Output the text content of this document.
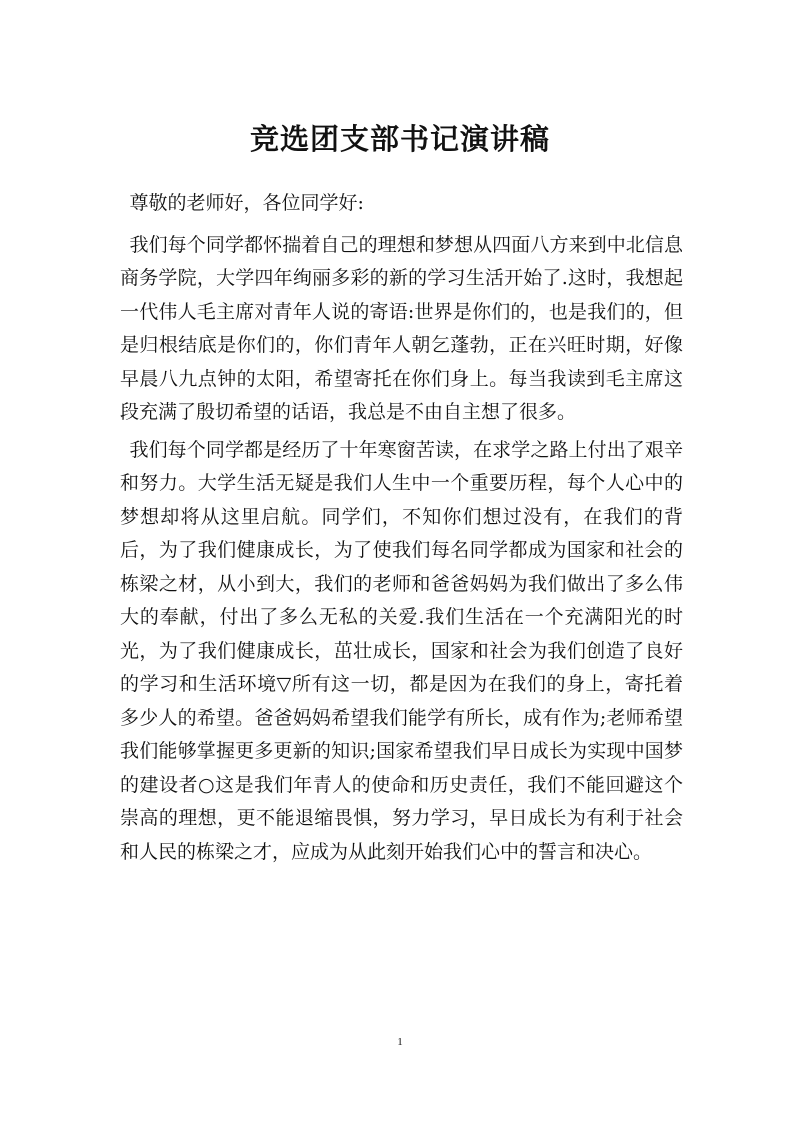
竞选团支部书记演讲稿

尊敬的老师好，各位同学好:

我们每个同学都怀揣着自己的理想和梦想从四面八方来到中北信息商务学院，大学四年绚丽多彩的新的学习生活开始了.这时，我想起一代伟人毛主席对青年人说的寄语:世界是你们的，也是我们的，但是归根结底是你们的，你们青年人朝乞蓬勃，正在兴旺时期，好像早晨八九点钟的太阳，希望寄托在你们身上。每当我读到毛主席这段充满了殷切希望的话语，我总是不由自主想了很多。

我们每个同学都是经历了十年寒窗苦读，在求学之路上付出了艰辛和努力。大学生活无疑是我们人生中一个重要历程，每个人心中的梦想却将从这里启航。同学们，不知你们想过没有，在我们的背后，为了我们健康成长，为了使我们每名同学都成为国家和社会的栋梁之材，从小到大，我们的老师和爸爸妈妈为我们做出了多么伟大的奉献，付出了多么无私的关爱.我们生活在一个充满阳光的时光，为了我们健康成长，茁壮成长，国家和社会为我们创造了良好的学习和生活环境▽所有这一切，都是因为在我们的身上，寄托着多少人的希望。爸爸妈妈希望我们能学有所长，成有作为;老师希望我们能够掌握更多更新的知识;国家希望我们早日成长为实现中国梦的建设者○这是我们年青人的使命和历史责任，我们不能回避这个崇高的理想，更不能退缩畏惧，努力学习，早日成长为有利于社会和人民的栋梁之才，应成为从此刻开始我们心中的誓言和决心。

1
